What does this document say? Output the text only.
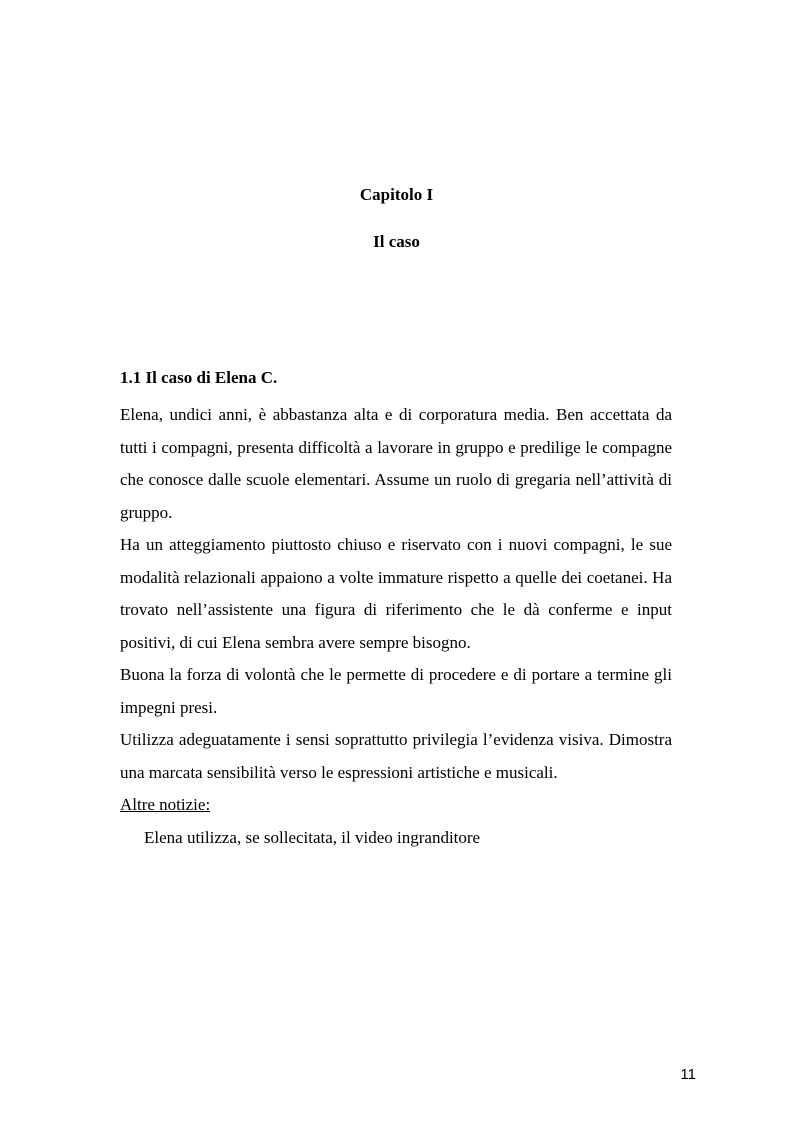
Capitolo I
Il caso
1.1 Il caso di Elena C.

Elena, undici anni, è abbastanza alta e di corporatura media. Ben accettata da tutti i compagni, presenta difficoltà a lavorare in gruppo e predilige le compagne che conosce dalle scuole elementari. Assume un ruolo di gregaria nell’attività di gruppo.

Ha un atteggiamento piuttosto chiuso e riservato con i nuovi compagni, le sue modalità relazionali appaiono a volte immature rispetto a quelle dei coetanei. Ha trovato nell’assistente una figura di riferimento che le dà conferme e input positivi, di cui Elena sembra avere sempre bisogno.

Buona la forza di volontà che le permette di procedere e di portare a termine gli impegni presi.

Utilizza adeguatamente i sensi soprattutto privilegia l’evidenza visiva. Dimostra una marcata sensibilità verso le espressioni artistiche e musicali.

Altre notizie:

Elena utilizza, se sollecitata, il video ingranditore

11
